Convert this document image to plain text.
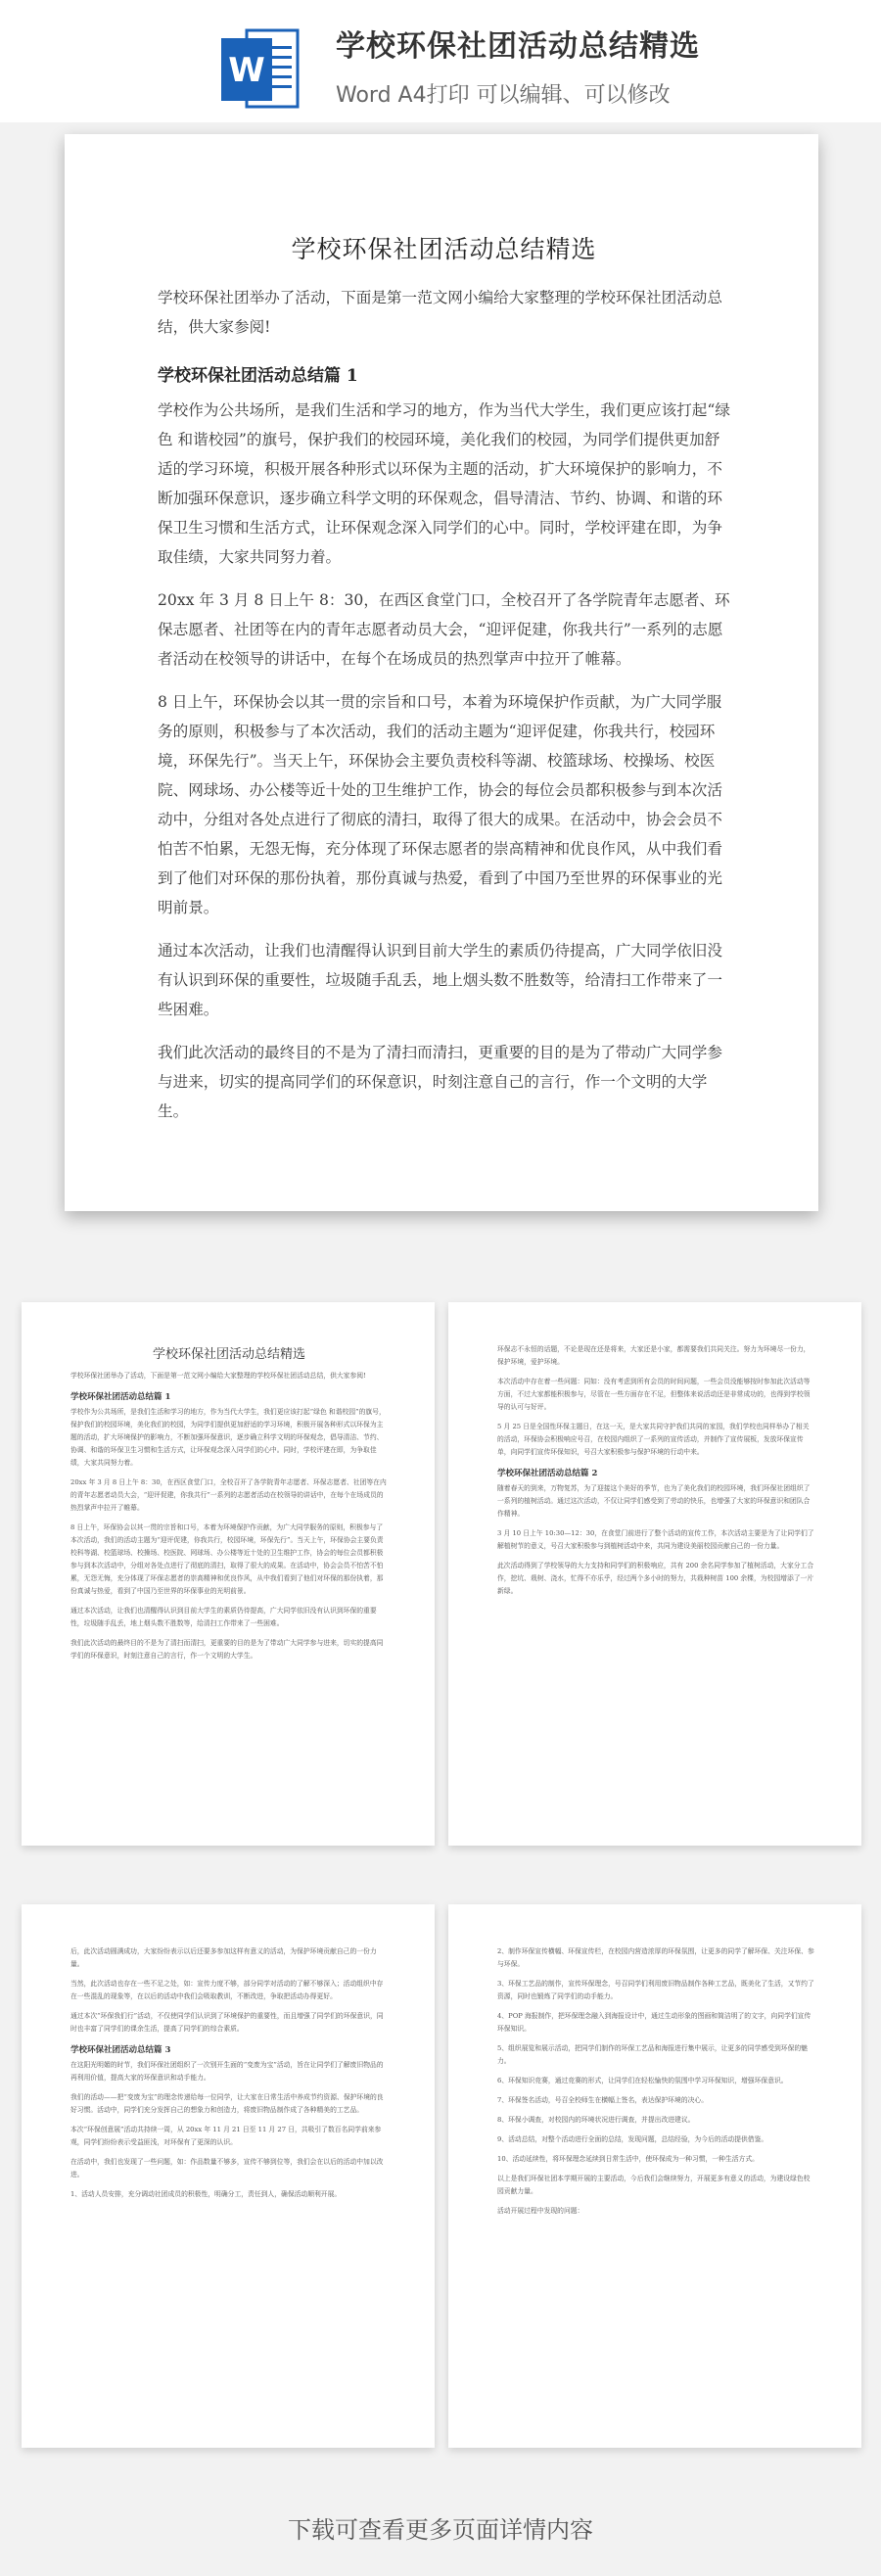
W
学校环保社团活动总结精选
Word A4打印 可以编辑、可以修改
学校环保社团活动总结精选

学校环保社团举办了活动，下面是第一范文网小编给大家整理的学校环保社团活动总结，供大家参阅!

学校环保社团活动总结篇 1

学校作为公共场所，是我们生活和学习的地方，作为当代大学生，我们更应该打起“绿色 和谐校园”的旗号，保护我们的校园环境，美化我们的校园，为同学们提供更加舒适的学习环境，积极开展各种形式以环保为主题的活动，扩大环境保护的影响力，不断加强环保意识，逐步确立科学文明的环保观念，倡导清洁、节约、协调、和谐的环保卫生习惯和生活方式，让环保观念深入同学们的心中。同时，学校评建在即，为争取佳绩，大家共同努力着。

20xx 年 3 月 8 日上午 8：30，在西区食堂门口，全校召开了各学院青年志愿者、环保志愿者、社团等在内的青年志愿者动员大会，“迎评促建，你我共行”一系列的志愿者活动在校领导的讲话中，在每个在场成员的热烈掌声中拉开了帷幕。

8 日上午，环保协会以其一贯的宗旨和口号，本着为环境保护作贡献，为广大同学服务的原则，积极参与了本次活动，我们的活动主题为“迎评促建，你我共行，校园环境，环保先行”。当天上午，环保协会主要负责校科等湖、校篮球场、校操场、校医院、网球场、办公楼等近十处的卫生维护工作，协会的每位会员都积极参与到本次活动中，分组对各处点进行了彻底的清扫，取得了很大的成果。在活动中，协会会员不怕苦不怕累，无怨无悔，充分体现了环保志愿者的崇高精神和优良作风，从中我们看到了他们对环保的那份执着，那份真诚与热爱，看到了中国乃至世界的环保事业的光明前景。

通过本次活动，让我们也清醒得认识到目前大学生的素质仍待提高，广大同学依旧没有认识到环保的重要性，垃圾随手乱丢，地上烟头数不胜数等，给清扫工作带来了一些困难。

我们此次活动的最终目的不是为了清扫而清扫，更重要的目的是为了带动广大同学参与进来，切实的提高同学们的环保意识，时刻注意自己的言行，作一个文明的大学生。

学校环保社团活动总结精选

学校环保社团举办了活动，下面是第一范文网小编给大家整理的学校环保社团活动总结，供大家参阅!

学校环保社团活动总结篇 1

学校作为公共场所，是我们生活和学习的地方，作为当代大学生，我们更应该打起“绿色 和谐校园”的旗号，保护我们的校园环境，美化我们的校园，为同学们提供更加舒适的学习环境，积极开展各种形式以环保为主题的活动，扩大环境保护的影响力，不断加强环保意识，逐步确立科学文明的环保观念，倡导清洁、节约、协调、和谐的环保卫生习惯和生活方式，让环保观念深入同学们的心中。同时，学校评建在即，为争取佳绩，大家共同努力着。

20xx 年 3 月 8 日上午 8：30，在西区食堂门口，全校召开了各学院青年志愿者、环保志愿者、社团等在内的青年志愿者动员大会，“迎评促建，你我共行”一系列的志愿者活动在校领导的讲话中，在每个在场成员的热烈掌声中拉开了帷幕。

8 日上午，环保协会以其一贯的宗旨和口号，本着为环境保护作贡献，为广大同学服务的原则，积极参与了本次活动，我们的活动主题为“迎评促建，你我共行，校园环境，环保先行”。当天上午，环保协会主要负责校科等湖、校篮球场、校操场、校医院、网球场、办公楼等近十处的卫生维护工作，协会的每位会员都积极参与到本次活动中，分组对各处点进行了彻底的清扫，取得了很大的成果。在活动中，协会会员不怕苦不怕累，无怨无悔，充分体现了环保志愿者的崇高精神和优良作风，从中我们看到了他们对环保的那份执着，那份真诚与热爱，看到了中国乃至世界的环保事业的光明前景。

通过本次活动，让我们也清醒得认识到目前大学生的素质仍待提高，广大同学依旧没有认识到环保的重要性，垃圾随手乱丢，地上烟头数不胜数等，给清扫工作带来了一些困难。

我们此次活动的最终目的不是为了清扫而清扫，更重要的目的是为了带动广大同学参与进来，切实的提高同学们的环保意识，时刻注意自己的言行，作一个文明的大学生。

环保志不永恒的话题，不论是现在还是将来，大家还是小家，都需要我们共同关注。努力为环境尽一份力，保护环境，爱护环境。

本次活动中存在着一些问题：同如：没有考虑到所有会员的时间问题，一些会员没能够按时参加此次活动等方面，不过大家都能积极参与，尽管在一些方面存在不足，但整体来说活动还是非常成功的，也得到学校领导的认可与好评。

5 月 25 日是全国性环保主题日，在这一天，是大家共同守护我们共同的家园，我们学校也同样举办了相关的活动，环保协会积极响应号召，在校园内组织了一系列的宣传活动，并制作了宣传展板，发放环保宣传单，向同学们宣传环保知识，号召大家积极参与保护环境的行动中来。

学校环保社团活动总结篇 2

随着春天的到来，万物复苏，为了迎接这个美好的季节，也为了美化我们的校园环境，我们环保社团组织了一系列的植树活动。通过这次活动，不仅让同学们感受到了劳动的快乐，也增强了大家的环保意识和团队合作精神。

3 月 10 日上午 10:30—12：30，在食堂门前进行了整个活动的宣传工作，本次活动主要是为了让同学们了解植树节的意义，号召大家积极参与到植树活动中来，共同为建设美丽校园贡献自己的一份力量。

此次活动得到了学校领导的大力支持和同学们的积极响应，共有 200 余名同学参加了植树活动，大家分工合作，挖坑、栽树、浇水，忙得不亦乐乎，经过两个多小时的努力，共栽种树苗 100 余棵，为校园增添了一片新绿。

后，此次活动圆满成功，大家纷纷表示以后还要多参加这样有意义的活动，为保护环境贡献自己的一份力量。

当然，此次活动也存在一些不足之处，如：宣传力度不够，部分同学对活动的了解不够深入；活动组织中存在一些混乱的现象等，在以后的活动中我们会吸取教训，不断改进，争取把活动办得更好。

通过本次“环保我们行”活动，不仅使同学们认识到了环境保护的重要性，而且增强了同学们的环保意识，同时也丰富了同学们的课余生活，提高了同学们的综合素质。

学校环保社团活动总结篇 3

在这阳光明媚的时节，我们环保社团组织了一次别开生面的“变废为宝”活动，旨在让同学们了解废旧物品的再利用价值，提高大家的环保意识和动手能力。

我们的活动——把“变废为宝”的理念传递给每一位同学，让大家在日常生活中养成节约资源、保护环境的良好习惯。活动中，同学们充分发挥自己的想象力和创造力，将废旧物品制作成了各种精美的工艺品。

本次“环保创意展”活动共持续一周，从 20xx 年 11 月 21 日至 11 月 27 日，共吸引了数百名同学前来参观，同学们纷纷表示受益匪浅，对环保有了更深的认识。

在活动中，我们也发现了一些问题，如：作品数量不够多，宣传不够到位等，我们会在以后的活动中加以改进。

1、活动人员安排，充分调动社团成员的积极性，明确分工，责任到人，确保活动顺利开展。

2、制作环保宣传横幅、环保宣传栏，在校园内营造浓厚的环保氛围，让更多的同学了解环保、关注环保、参与环保。

3、环保工艺品的制作，宣传环保理念，号召同学们利用废旧物品制作各种工艺品，既美化了生活，又节约了资源，同时也锻炼了同学们的动手能力。

4、POP 海报制作，把环保理念融入到海报设计中，通过生动形象的图画和简洁明了的文字，向同学们宣传环保知识。

5、组织展览和展示活动，把同学们制作的环保工艺品和海报进行集中展示，让更多的同学感受到环保的魅力。

6、环保知识竞赛，通过竞赛的形式，让同学们在轻松愉快的氛围中学习环保知识，增强环保意识。

7、环保签名活动，号召全校师生在横幅上签名，表达保护环境的决心。

8、环保小调查，对校园内的环境状况进行调查，并提出改进建议。

9、活动总结，对整个活动进行全面的总结，发现问题，总结经验，为今后的活动提供借鉴。

10、活动延续性，将环保理念延续到日常生活中，使环保成为一种习惯，一种生活方式。

以上是我们环保社团本学期开展的主要活动，今后我们会继续努力，开展更多有意义的活动，为建设绿色校园贡献力量。

活动开展过程中发现的问题：

下载可查看更多页面详情内容
